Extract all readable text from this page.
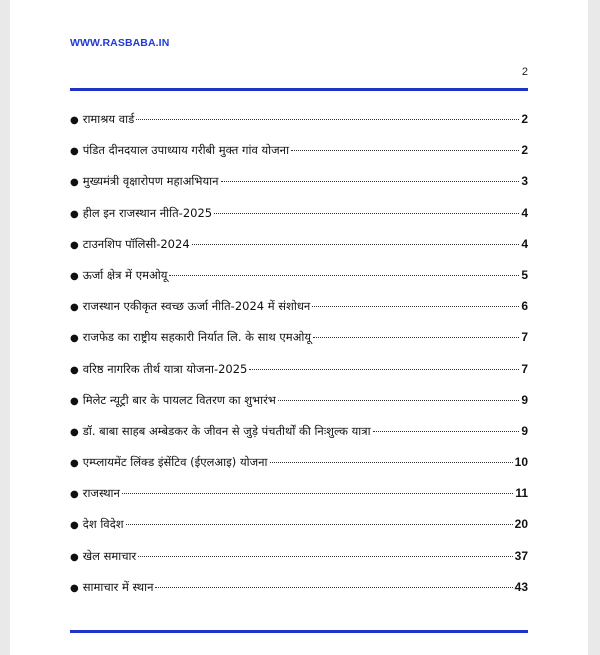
WWW.RASBABA.IN
2
● रामाश्रय वार्ड	2
● पंडित दीनदयाल उपाध्याय गरीबी मुक्त गांव योजना	2
● मुख्यमंत्री वृक्षारोपण महाअभियान	3
● हील इन राजस्थान नीति-2025	4
● टाउनशिप पॉलिसी-2024	4
● ऊर्जा क्षेत्र में एमओयू	5
● राजस्थान एकीकृत स्वच्छ ऊर्जा नीति-2024 में संशोधन	6
● राजफेड का राष्ट्रीय सहकारी निर्यात लि. के साथ एमओयू	7
● वरिष्ठ नागरिक तीर्थ यात्रा योजना-2025	7
● मिलेट न्यूट्री बार के पायलट वितरण का शुभारंभ	9
● डॉ. बाबा साहब अम्बेडकर के जीवन से जुड़े पंचतीर्थों की निःशुल्क यात्रा	9
● एम्प्लायमेंट लिंक्ड इंसेंटिव (ईएलआइ) योजना	10
● राजस्थान	11
● देश विदेश	20
● खेल समाचार	37
● सामाचार में स्थान	43
